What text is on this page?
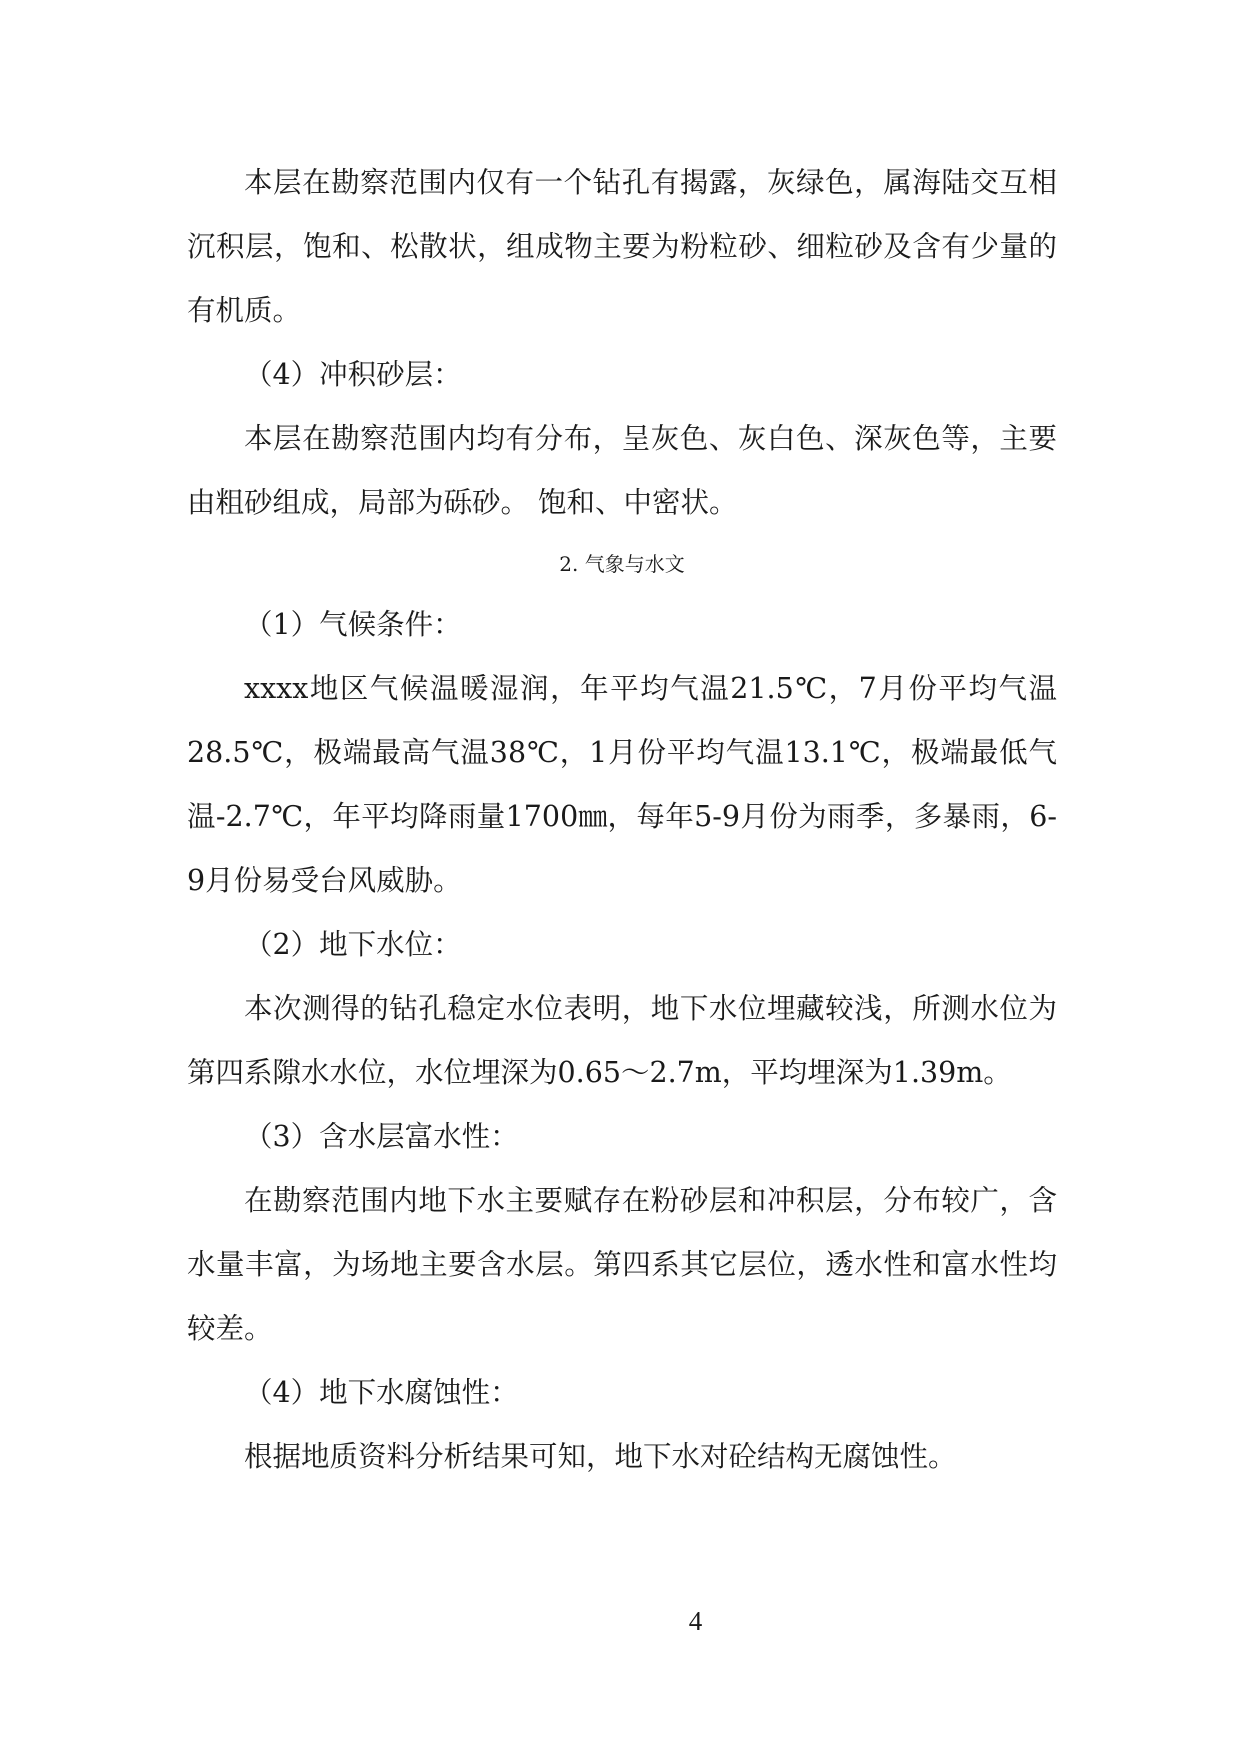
本层在勘察范围内仅有一个钻孔有揭露，灰绿色，属海陆交互相沉积层，饱和、松散状，组成物主要为粉粒砂、细粒砂及含有少量的有机质。

（4）冲积砂层：

本层在勘察范围内均有分布，呈灰色、灰白色、深灰色等，主要由粗砂组成，局部为砾砂。 饱和、中密状。

2. 气象与水文

（1）气候条件：

xxxx地区气候温暖湿润，年平均气温21.5℃，7月份平均气温28.5℃，极端最高气温38℃，1月份平均气温13.1℃，极端最低气温-2.7℃，年平均降雨量1700㎜，每年5-9月份为雨季，多暴雨，6-9月份易受台风威胁。

（2）地下水位：

本次测得的钻孔稳定水位表明，地下水位埋藏较浅，所测水位为第四系隙水水位，水位埋深为0.65～2.7m，平均埋深为1.39m。

（3）含水层富水性：

在勘察范围内地下水主要赋存在粉砂层和冲积层，分布较广，含水量丰富，为场地主要含水层。第四系其它层位，透水性和富水性均较差。

（4）地下水腐蚀性：

根据地质资料分析结果可知，地下水对砼结构无腐蚀性。

4
